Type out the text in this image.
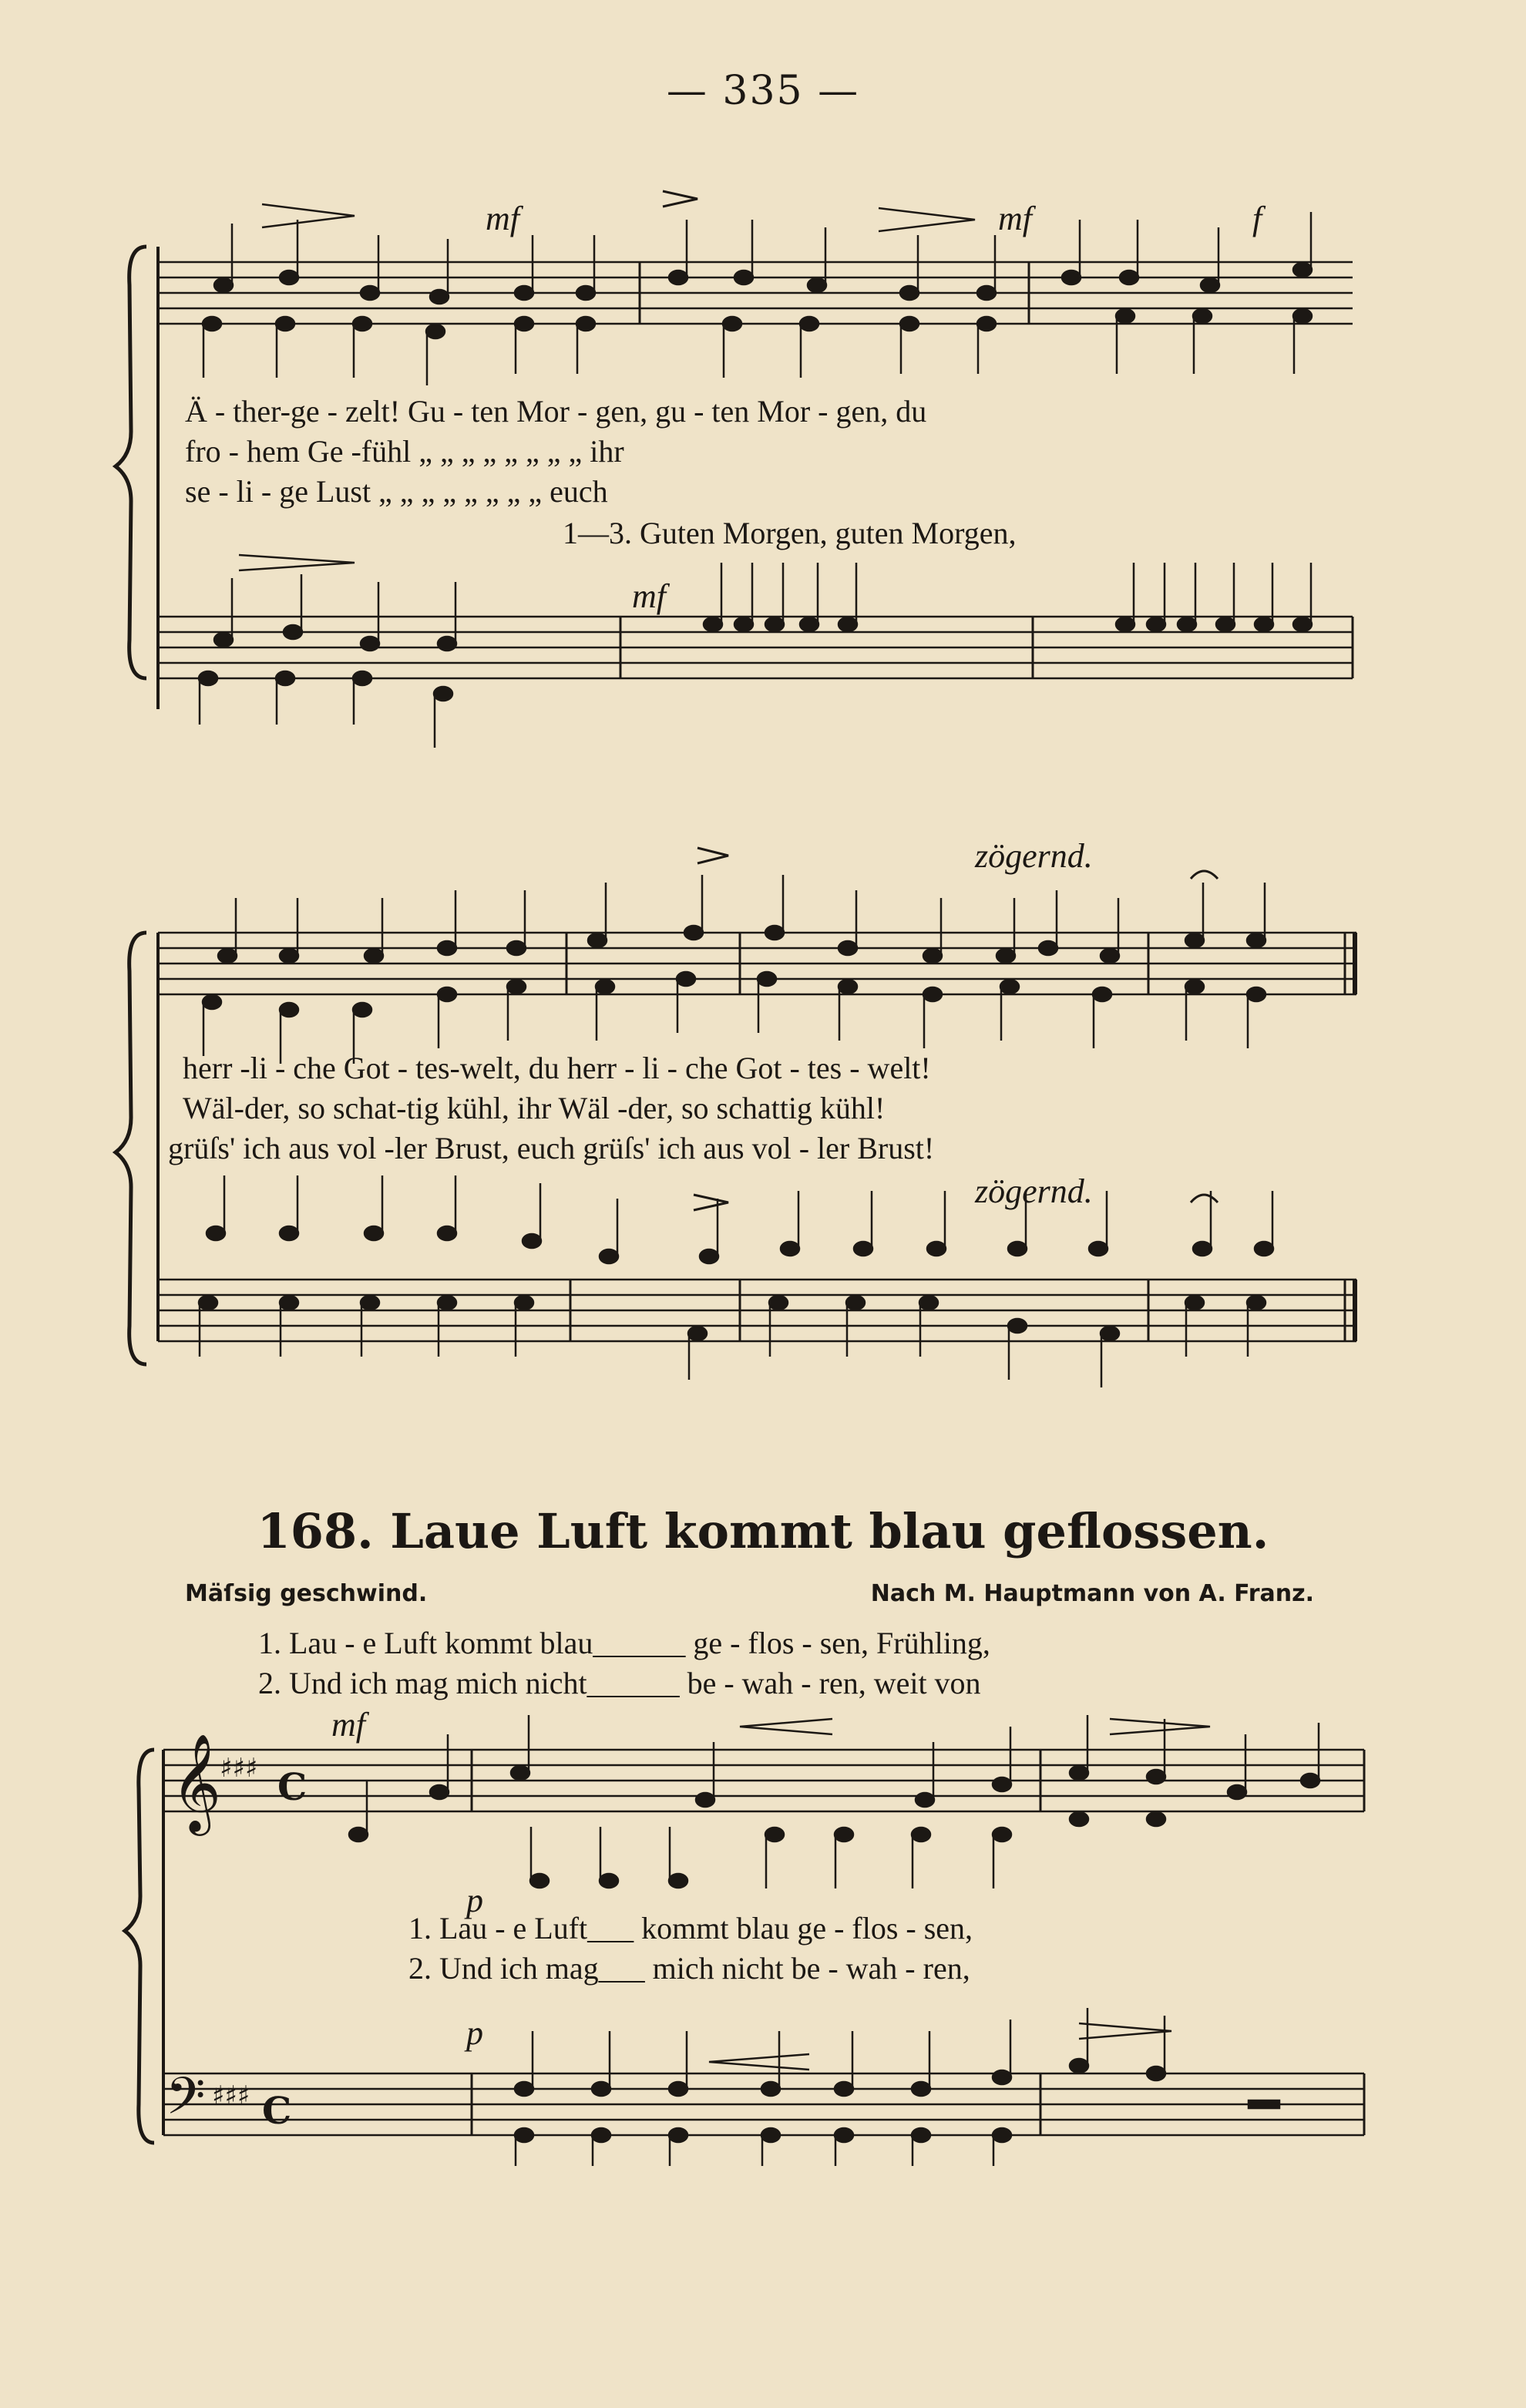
— 335 —
mf	mf	f
mf
Ä - ther-ge - zelt! Gu - ten Mor - gen, gu - ten Mor - gen, du
fro - hem Ge -fühl „ „ „ „ „ „ „ „ ihr
se - li - ge Lust „ „ „ „ „ „ „ „ euch
1—3. Guten Morgen, guten Morgen,
zögernd.
herr -li - che Got - tes-welt, du herr - li - che Got - tes - welt!
Wäl-der, so schat-tig kühl, ihr Wäl -der, so schattig kühl!
grüſs' ich aus vol -ler Brust, euch grüſs' ich aus vol - ler Brust!
zögernd.
168. Laue Luft kommt blau geflossen.
Mäſsig geschwind.	Nach M. Hauptmann von A. Franz.
1. Lau - e Luft kommt blau______ ge - flos - sen, Frühling,
2. Und ich mag mich nicht______ be - wah - ren, weit von
𝄞
𝄢
♯♯♯
♯♯♯
C
C
mf
p
p
1. Lau - e Luft___ kommt blau ge - flos - sen,
2. Und ich mag___ mich nicht be - wah - ren,
